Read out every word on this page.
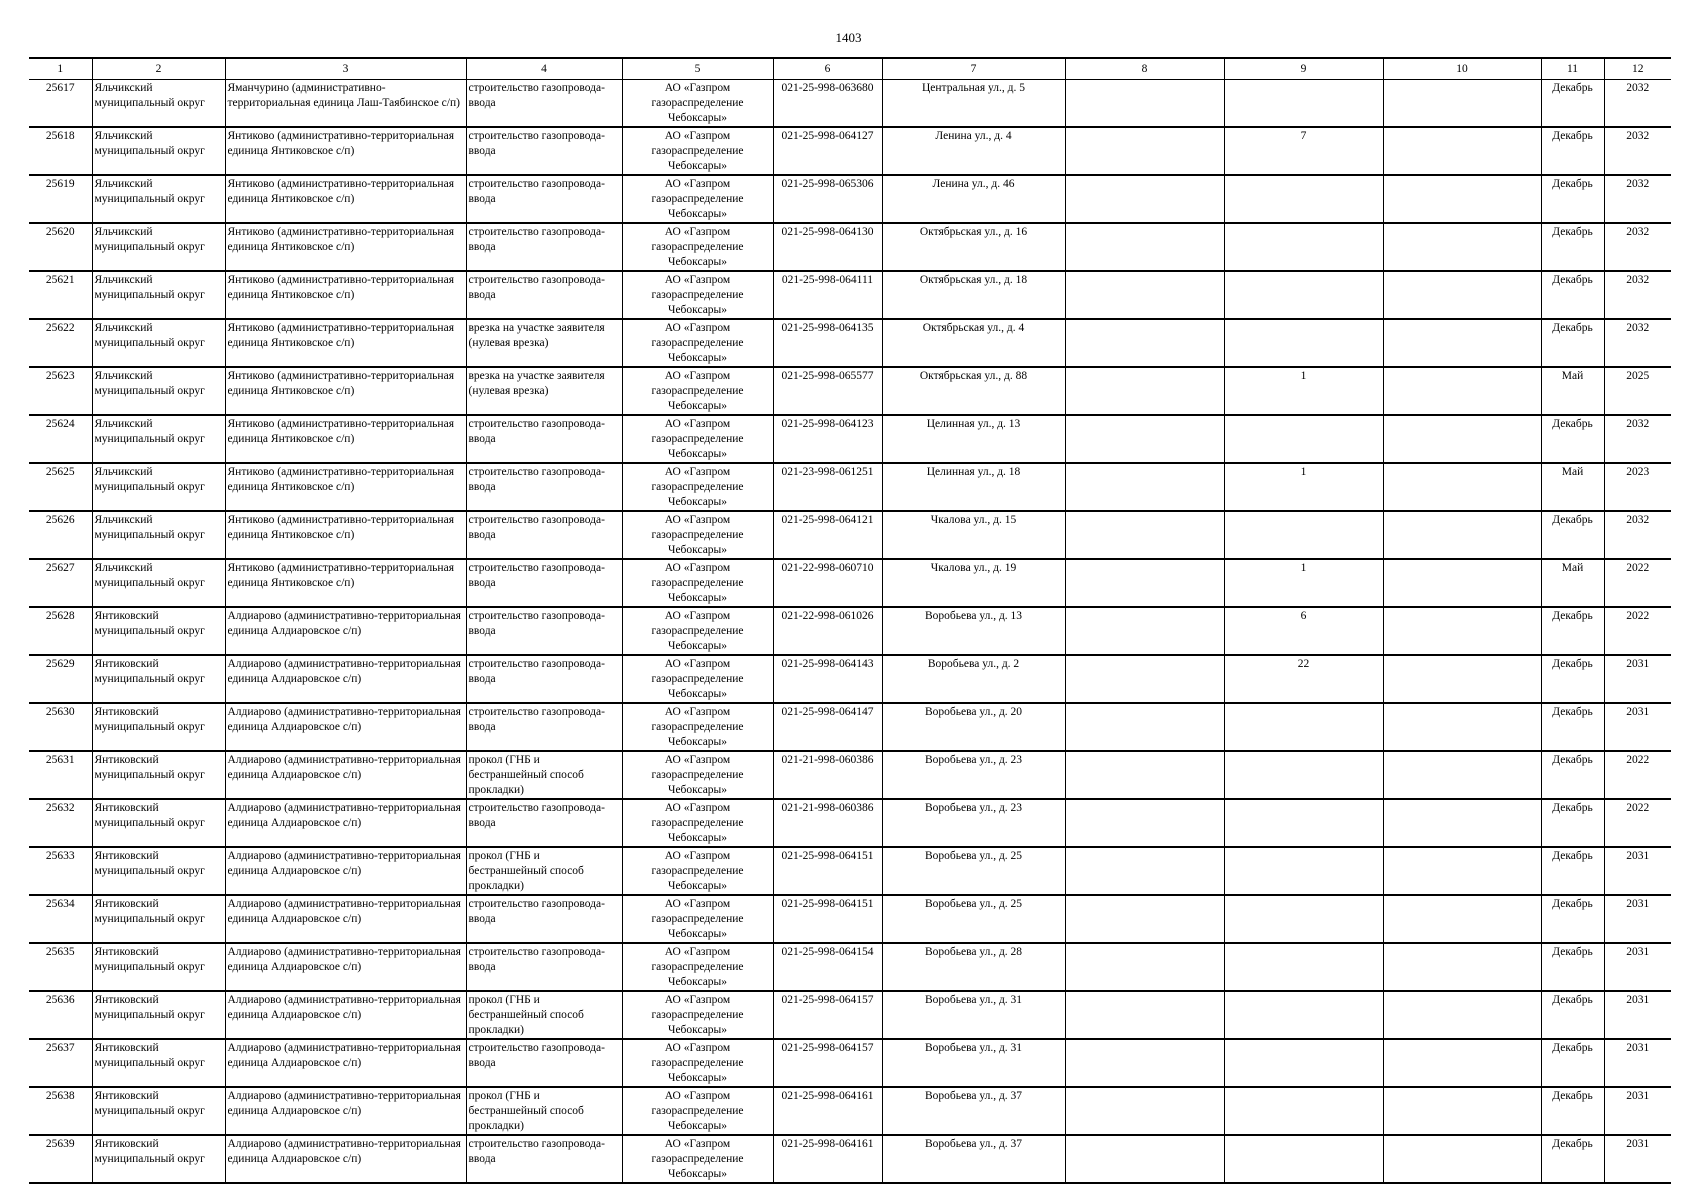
1403
1	2	3	4	5	6	7	8	9	10	11	12
25617	Яльчикский муниципальный округ	Яманчурино (административно-территориальная единица Лаш-Таябинское с/п)	строительство газопровода-ввода	АО «Газпром газораспределение Чебоксары»	021-25-998-063680	Центральная ул., д. 5				Декабрь	2032
25618	Яльчикский муниципальный округ	Янтиково (административно-территориальная единица Янтиковское с/п)	строительство газопровода-ввода	АО «Газпром газораспределение Чебоксары»	021-25-998-064127	Ленина ул., д. 4		7		Декабрь	2032
25619	Яльчикский муниципальный округ	Янтиково (административно-территориальная единица Янтиковское с/п)	строительство газопровода-ввода	АО «Газпром газораспределение Чебоксары»	021-25-998-065306	Ленина ул., д. 46				Декабрь	2032
25620	Яльчикский муниципальный округ	Янтиково (административно-территориальная единица Янтиковское с/п)	строительство газопровода-ввода	АО «Газпром газораспределение Чебоксары»	021-25-998-064130	Октябрьская ул., д. 16				Декабрь	2032
25621	Яльчикский муниципальный округ	Янтиково (административно-территориальная единица Янтиковское с/п)	строительство газопровода-ввода	АО «Газпром газораспределение Чебоксары»	021-25-998-064111	Октябрьская ул., д. 18				Декабрь	2032
25622	Яльчикский муниципальный округ	Янтиково (административно-территориальная единица Янтиковское с/п)	врезка на участке заявителя (нулевая врезка)	АО «Газпром газораспределение Чебоксары»	021-25-998-064135	Октябрьская ул., д. 4				Декабрь	2032
25623	Яльчикский муниципальный округ	Янтиково (административно-территориальная единица Янтиковское с/п)	врезка на участке заявителя (нулевая врезка)	АО «Газпром газораспределение Чебоксары»	021-25-998-065577	Октябрьская ул., д. 88		1		Май	2025
25624	Яльчикский муниципальный округ	Янтиково (административно-территориальная единица Янтиковское с/п)	строительство газопровода-ввода	АО «Газпром газораспределение Чебоксары»	021-25-998-064123	Целинная ул., д. 13				Декабрь	2032
25625	Яльчикский муниципальный округ	Янтиково (административно-территориальная единица Янтиковское с/п)	строительство газопровода-ввода	АО «Газпром газораспределение Чебоксары»	021-23-998-061251	Целинная ул., д. 18		1		Май	2023
25626	Яльчикский муниципальный округ	Янтиково (административно-территориальная единица Янтиковское с/п)	строительство газопровода-ввода	АО «Газпром газораспределение Чебоксары»	021-25-998-064121	Чкалова ул., д. 15				Декабрь	2032
25627	Яльчикский муниципальный округ	Янтиково (административно-территориальная единица Янтиковское с/п)	строительство газопровода-ввода	АО «Газпром газораспределение Чебоксары»	021-22-998-060710	Чкалова ул., д. 19		1		Май	2022
25628	Янтиковский муниципальный округ	Алдиарово (административно-территориальная единица Алдиаровское с/п)	строительство газопровода-ввода	АО «Газпром газораспределение Чебоксары»	021-22-998-061026	Воробьева ул., д. 13		6		Декабрь	2022
25629	Янтиковский муниципальный округ	Алдиарово (административно-территориальная единица Алдиаровское с/п)	строительство газопровода-ввода	АО «Газпром газораспределение Чебоксары»	021-25-998-064143	Воробьева ул., д. 2		22		Декабрь	2031
25630	Янтиковский муниципальный округ	Алдиарово (административно-территориальная единица Алдиаровское с/п)	строительство газопровода-ввода	АО «Газпром газораспределение Чебоксары»	021-25-998-064147	Воробьева ул., д. 20				Декабрь	2031
25631	Янтиковский муниципальный округ	Алдиарово (административно-территориальная единица Алдиаровское с/п)	прокол (ГНБ и бестраншейный способ прокладки)	АО «Газпром газораспределение Чебоксары»	021-21-998-060386	Воробьева ул., д. 23				Декабрь	2022
25632	Янтиковский муниципальный округ	Алдиарово (административно-территориальная единица Алдиаровское с/п)	строительство газопровода-ввода	АО «Газпром газораспределение Чебоксары»	021-21-998-060386	Воробьева ул., д. 23				Декабрь	2022
25633	Янтиковский муниципальный округ	Алдиарово (административно-территориальная единица Алдиаровское с/п)	прокол (ГНБ и бестраншейный способ прокладки)	АО «Газпром газораспределение Чебоксары»	021-25-998-064151	Воробьева ул., д. 25				Декабрь	2031
25634	Янтиковский муниципальный округ	Алдиарово (административно-территориальная единица Алдиаровское с/п)	строительство газопровода-ввода	АО «Газпром газораспределение Чебоксары»	021-25-998-064151	Воробьева ул., д. 25				Декабрь	2031
25635	Янтиковский муниципальный округ	Алдиарово (административно-территориальная единица Алдиаровское с/п)	строительство газопровода-ввода	АО «Газпром газораспределение Чебоксары»	021-25-998-064154	Воробьева ул., д. 28				Декабрь	2031
25636	Янтиковский муниципальный округ	Алдиарово (административно-территориальная единица Алдиаровское с/п)	прокол (ГНБ и бестраншейный способ прокладки)	АО «Газпром газораспределение Чебоксары»	021-25-998-064157	Воробьева ул., д. 31				Декабрь	2031
25637	Янтиковский муниципальный округ	Алдиарово (административно-территориальная единица Алдиаровское с/п)	строительство газопровода-ввода	АО «Газпром газораспределение Чебоксары»	021-25-998-064157	Воробьева ул., д. 31				Декабрь	2031
25638	Янтиковский муниципальный округ	Алдиарово (административно-территориальная единица Алдиаровское с/п)	прокол (ГНБ и бестраншейный способ прокладки)	АО «Газпром газораспределение Чебоксары»	021-25-998-064161	Воробьева ул., д. 37				Декабрь	2031
25639	Янтиковский муниципальный округ	Алдиарово (административно-территориальная единица Алдиаровское с/п)	строительство газопровода-ввода	АО «Газпром газораспределение Чебоксары»	021-25-998-064161	Воробьева ул., д. 37				Декабрь	2031
